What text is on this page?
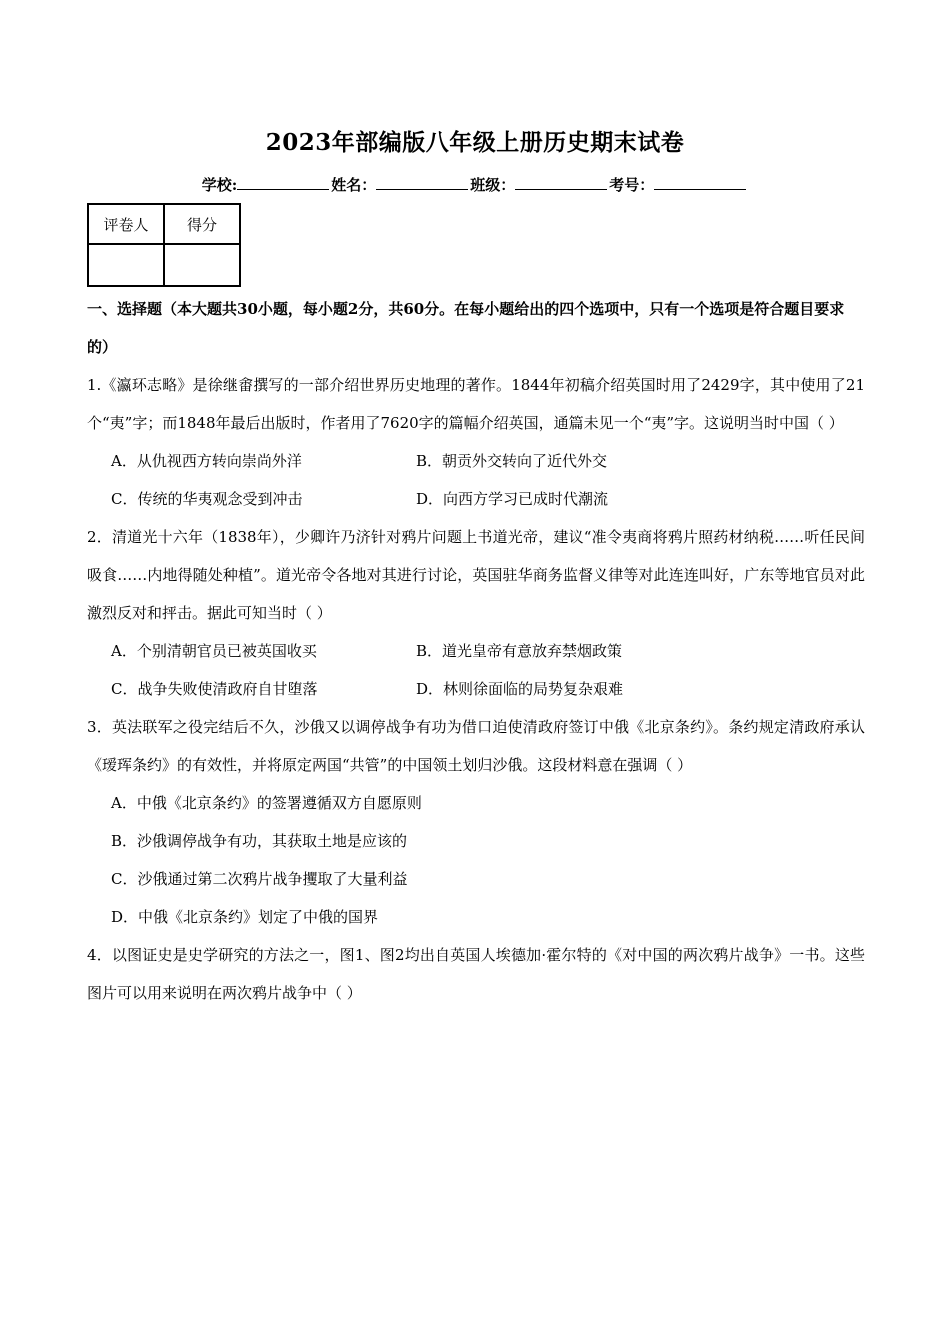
2023年部编版八年级上册历史期末试卷
学校:	姓名：	班级：	考号：
评卷人	得分

一、选择题（本大题共30小题，每小题2分，共60分。在每小题给出的四个选项中，只有一个选项是符合题目要求的）

1.《瀛环志略》是徐继畬撰写的一部介绍世界历史地理的著作。1844年初稿介绍英国时用了2429字，其中使用了21个“夷”字；而1848年最后出版时，作者用了7620字的篇幅介绍英国，通篇未见一个“夷”字。这说明当时中国（ ）

A．从仇视西方转向崇尚外洋	B．朝贡外交转向了近代外交
C．传统的华夷观念受到冲击	D．向西方学习已成时代潮流

2．清道光十六年（1838年），少卿许乃济针对鸦片问题上书道光帝，建议“准令夷商将鸦片照药材纳税……听任民间吸食……内地得随处种植”。道光帝令各地对其进行讨论，英国驻华商务监督义律等对此连连叫好，广东等地官员对此激烈反对和抨击。据此可知当时（ ）

A．个别清朝官员已被英国收买	B．道光皇帝有意放弃禁烟政策
C．战争失败使清政府自甘堕落	D．林则徐面临的局势复杂艰难

3．英法联军之役完结后不久，沙俄又以调停战争有功为借口迫使清政府签订中俄《北京条约》。条约规定清政府承认《瑷珲条约》的有效性，并将原定两国“共管”的中国领土划归沙俄。这段材料意在强调（ ）

A．中俄《北京条约》的签署遵循双方自愿原则
B．沙俄调停战争有功，其获取土地是应该的
C．沙俄通过第二次鸦片战争攫取了大量利益
D．中俄《北京条约》划定了中俄的国界

4．以图证史是史学研究的方法之一，图1、图2均出自英国人埃德加·霍尔特的《对中国的两次鸦片战争》一书。这些图片可以用来说明在两次鸦片战争中（ ）
